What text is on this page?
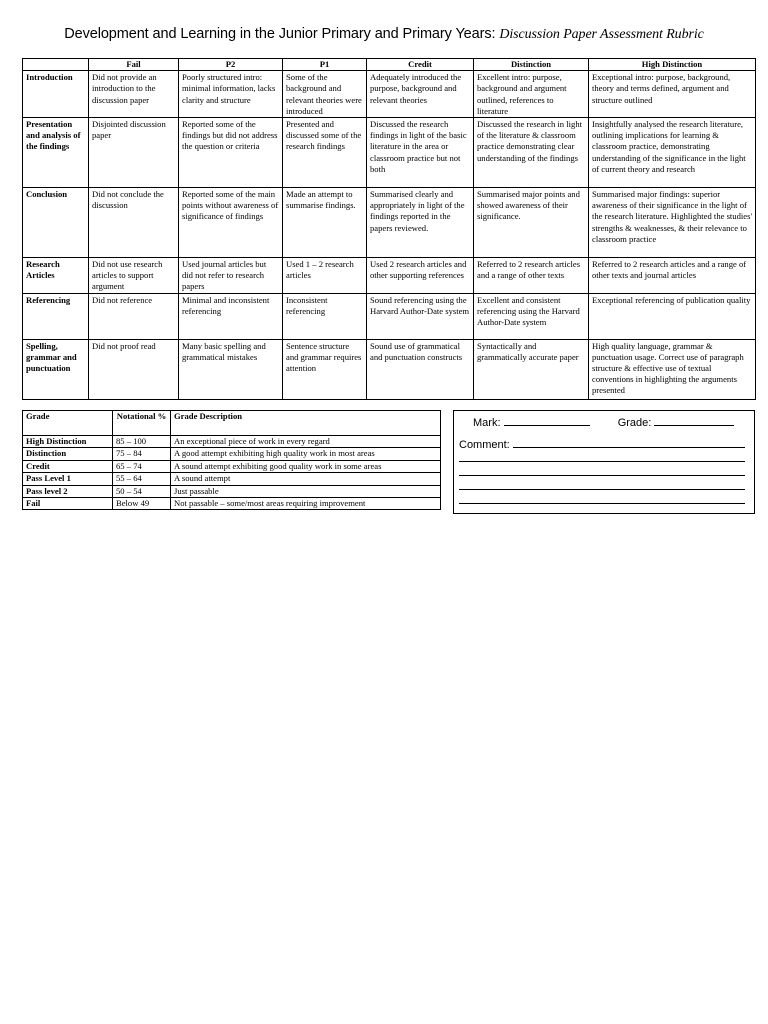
Development and Learning in the Junior Primary and Primary Years: Discussion Paper Assessment Rubric
	Fail	P2	P1	Credit	Distinction	High Distinction
Introduction	Did not provide an introduction to the discussion paper	Poorly structured intro: minimal information, lacks clarity and structure	Some of the background and relevant theories were introduced	Adequately introduced the purpose, background and relevant theories	Excellent intro: purpose, background and argument outlined, references to literature	Exceptional intro: purpose, background, theory and terms defined, argument and structure outlined
Presentation and analysis of the findings	Disjointed discussion paper	Reported some of the findings but did not address the question or criteria	Presented and discussed some of the research findings	Discussed the research findings in light of the basic literature in the area or classroom practice but not both	Discussed the research in light of the literature & classroom practice demonstrating clear understanding of the findings	Insightfully analysed the research literature, outlining implications for learning & classroom practice, demonstrating understanding of the significance in the light of current theory and research
Conclusion	Did not conclude the discussion	Reported some of the main points without awareness of significance of findings	Made an attempt to summarise findings.	Summarised clearly and appropriately in light of the findings reported in the papers reviewed.	Summarised major points and showed awareness of their significance.	Summarised major findings: superior awareness of their significance in the light of the research literature. Highlighted the studies' strengths & weaknesses, & their relevance to classroom practice
Research Articles	Did not use research articles to support argument	Used journal articles but did not refer to research papers	Used 1 – 2 research articles	Used 2 research articles and other supporting references	Referred to 2 research articles and a range of other texts	Referred to 2 research articles and a range of other texts and journal articles
Referencing	Did not reference	Minimal and inconsistent referencing	Inconsistent referencing	Sound referencing using the Harvard Author-Date system	Excellent and consistent referencing using the Harvard Author-Date system	Exceptional referencing of publication quality
Spelling, grammar and punctuation	Did not proof read	Many basic spelling and grammatical mistakes	Sentence structure and grammar requires attention	Sound use of grammatical and punctuation constructs	Syntactically and grammatically accurate paper	High quality language, grammar & punctuation usage. Correct use of paragraph structure & effective use of textual conventions in highlighting the arguments presented
Grade	Notational %	Grade Description
High Distinction	85 – 100	An exceptional piece of work in every regard
Distinction	75 – 84	A good attempt exhibiting high quality work in most areas
Credit	65 – 74	A sound attempt exhibiting good quality work in some areas
Pass Level 1	55 – 64	A sound attempt
Pass level 2	50 – 54	Just passable
Fail	Below 49	Not passable – some/most areas requiring improvement
Mark:	Grade:
Comment:
